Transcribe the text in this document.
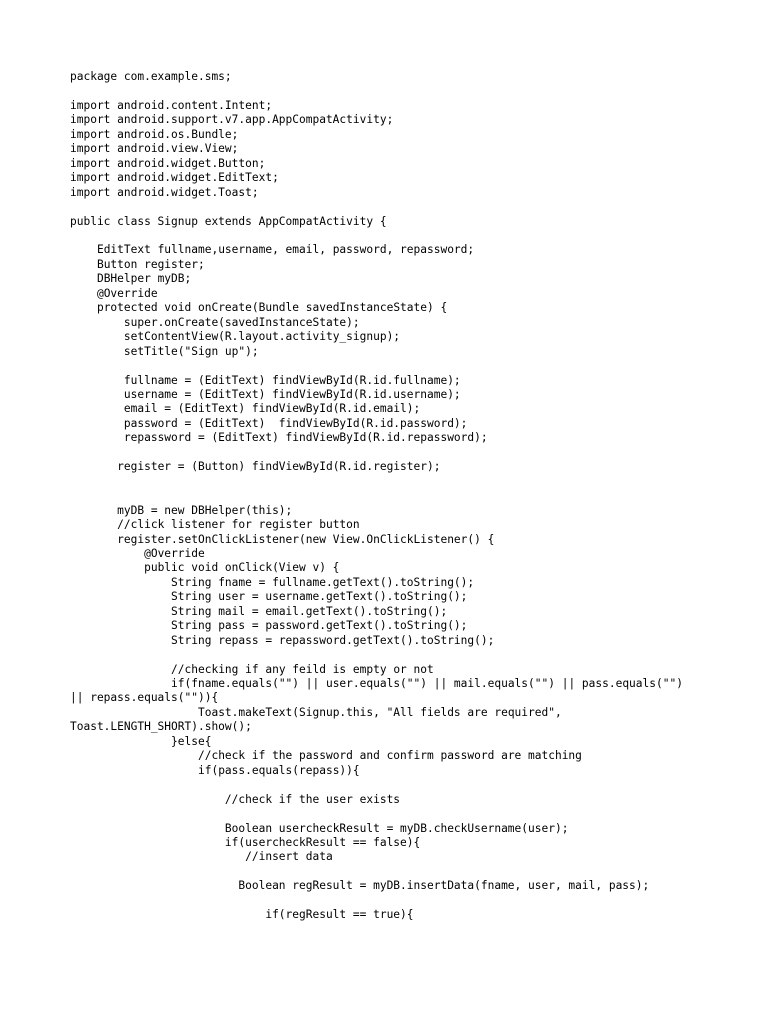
package com.example.sms;

import android.content.Intent;
import android.support.v7.app.AppCompatActivity;
import android.os.Bundle;
import android.view.View;
import android.widget.Button;
import android.widget.EditText;
import android.widget.Toast;

public class Signup extends AppCompatActivity {

EditText fullname,username, email, password, repassword;
Button register;
DBHelper myDB;
@Override
protected void onCreate(Bundle savedInstanceState) {
super.onCreate(savedInstanceState);
setContentView(R.layout.activity_signup);
setTitle("Sign up");

fullname = (EditText) findViewById(R.id.fullname);
username = (EditText) findViewById(R.id.username);
email = (EditText) findViewById(R.id.email);
password = (EditText)  findViewById(R.id.password);
repassword = (EditText) findViewById(R.id.repassword);

register = (Button) findViewById(R.id.register);

myDB = new DBHelper(this);
//click listener for register button
register.setOnClickListener(new View.OnClickListener() {
@Override
public void onClick(View v) {
String fname = fullname.getText().toString();
String user = username.getText().toString();
String mail = email.getText().toString();
String pass = password.getText().toString();
String repass = repassword.getText().toString();

//checking if any feild is empty or not
if(fname.equals("") || user.equals("") || mail.equals("") || pass.equals("") || repass.equals("")){
Toast.makeText(Signup.this, "All fields are required", Toast.LENGTH_SHORT).show();
}else{
//check if the password and confirm password are matching
if(pass.equals(repass)){

//check if the user exists

Boolean usercheckResult = myDB.checkUsername(user);
if(usercheckResult == false){
//insert data

Boolean regResult = myDB.insertData(fname, user, mail, pass);

if(regResult == true){
